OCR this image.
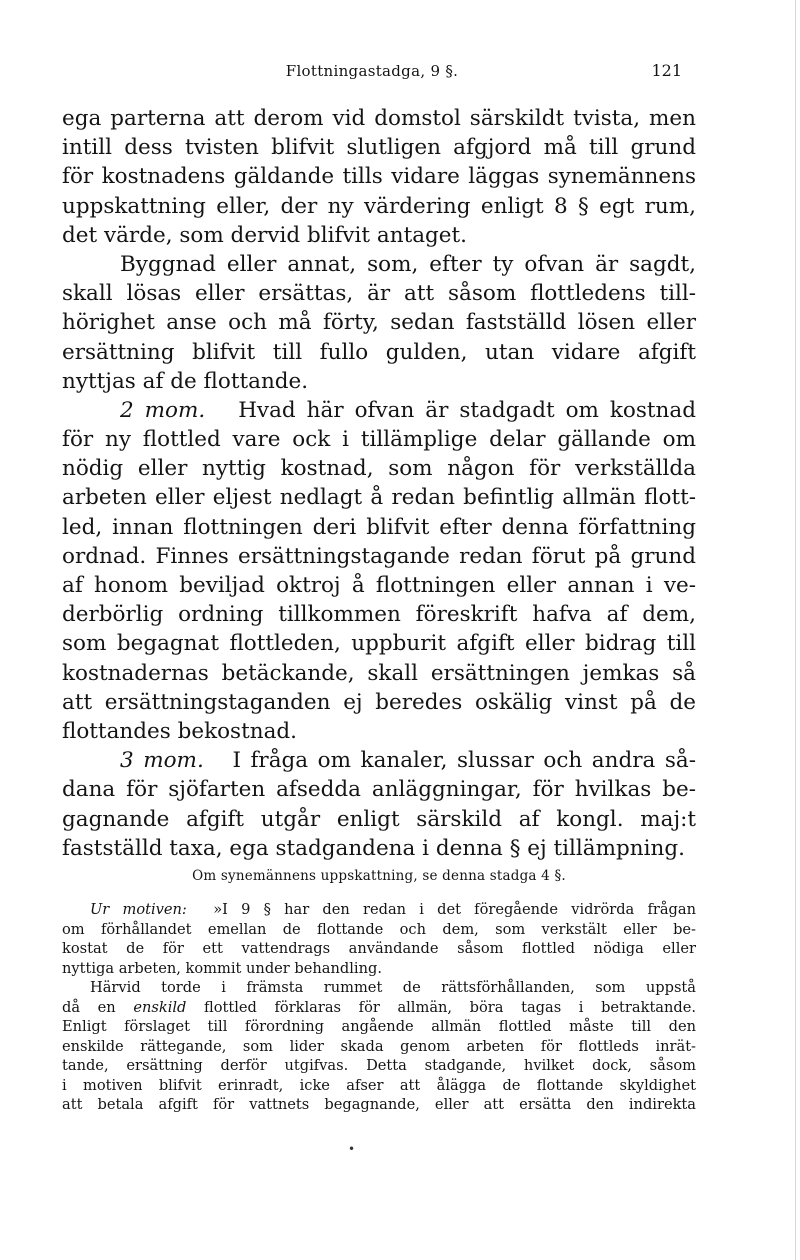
Flottningastadga, 9 §.	121
ega parterna att derom vid domstol särskildt tvista, men
intill dess tvisten blifvit slutligen afgjord må till grund
för kostnadens gäldande tills vidare läggas synemännens
uppskattning eller, der ny värdering enligt 8 § egt rum,
det värde, som dervid blifvit antaget.
Byggnad eller annat, som, efter ty ofvan är sagdt,
skall lösas eller ersättas, är att såsom flottledens till-
hörighet anse och må förty, sedan fastställd lösen eller
ersättning blifvit till fullo gulden, utan vidare afgift
nyttjas af de flottande.
2 mom. Hvad här ofvan är stadgadt om kostnad
för ny flottled vare ock i tillämplige delar gällande om
nödig eller nyttig kostnad, som någon för verkställda
arbeten eller eljest nedlagt å redan befintlig allmän flott-
led, innan flottningen deri blifvit efter denna författning
ordnad. Finnes ersättningstagande redan förut på grund
af honom beviljad oktroj å flottningen eller annan i ve-
derbörlig ordning tillkommen föreskrift hafva af dem,
som begagnat flottleden, uppburit afgift eller bidrag till
kostnadernas betäckande, skall ersättningen jemkas så
att ersättningstaganden ej beredes oskälig vinst på de
flottandes bekostnad.
3 mom. I fråga om kanaler, slussar och andra så-
dana för sjöfarten afsedda anläggningar, för hvilkas be-
gagnande afgift utgår enligt särskild af kongl. maj:t
fastställd taxa, ega stadgandena i denna § ej tillämpning.
Om synemännens uppskattning, se denna stadga 4 §.
Ur motiven: »I 9 § har den redan i det föregående vidrörda frågan
om förhållandet emellan de flottande och dem, som verkstält eller be-
kostat de för ett vattendrags användande såsom flottled nödiga eller
nyttiga arbeten, kommit under behandling.
Härvid torde i främsta rummet de rättsförhållanden, som uppstå
då en enskild flottled förklaras för allmän, böra tagas i betraktande.
Enligt förslaget till förordning angående allmän flottled måste till den
enskilde rättegande, som lider skada genom arbeten för flottleds inrät-
tande, ersättning derför utgifvas. Detta stadgande, hvilket dock, såsom
i motiven blifvit erinradt, icke afser att ålägga de flottande skyldighet
att betala afgift för vattnets begagnande, eller att ersätta den indirekta
•
